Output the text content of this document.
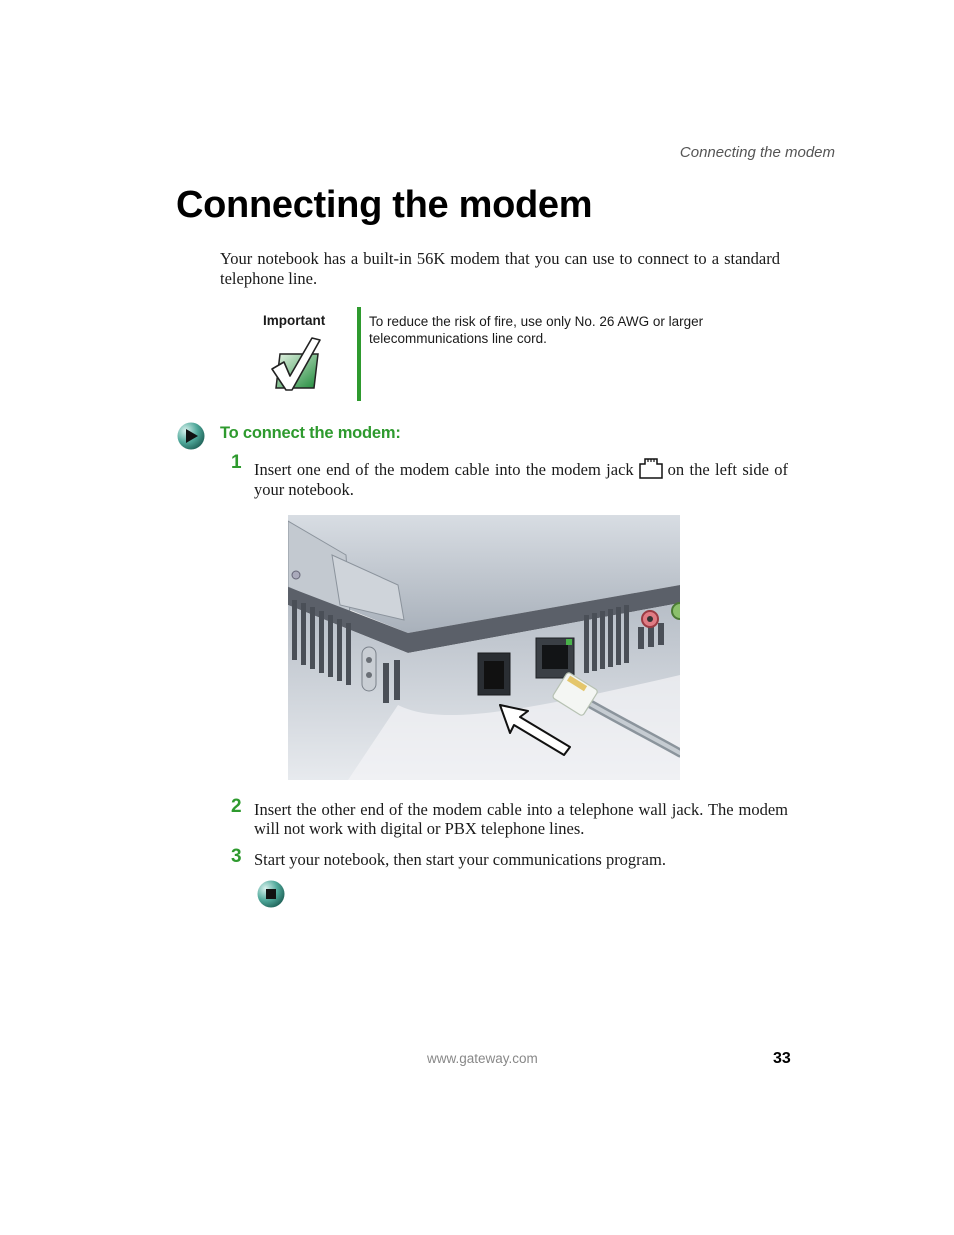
Connecting the modem
Connecting the modem

Your notebook has a built-in 56K modem that you can use to connect to a standard telephone line.

Important	To reduce the risk of fire, use only No. 26 AWG or larger telecommunications line cord.

To connect the modem:
1 Insert one end of the modem cable into the modem jack on the left side of your notebook.

2 Insert the other end of the modem cable into a telephone wall jack. The modem will not work with digital or PBX telephone lines.

3 Start your notebook, then start your communications program.

www.gateway.com	33
